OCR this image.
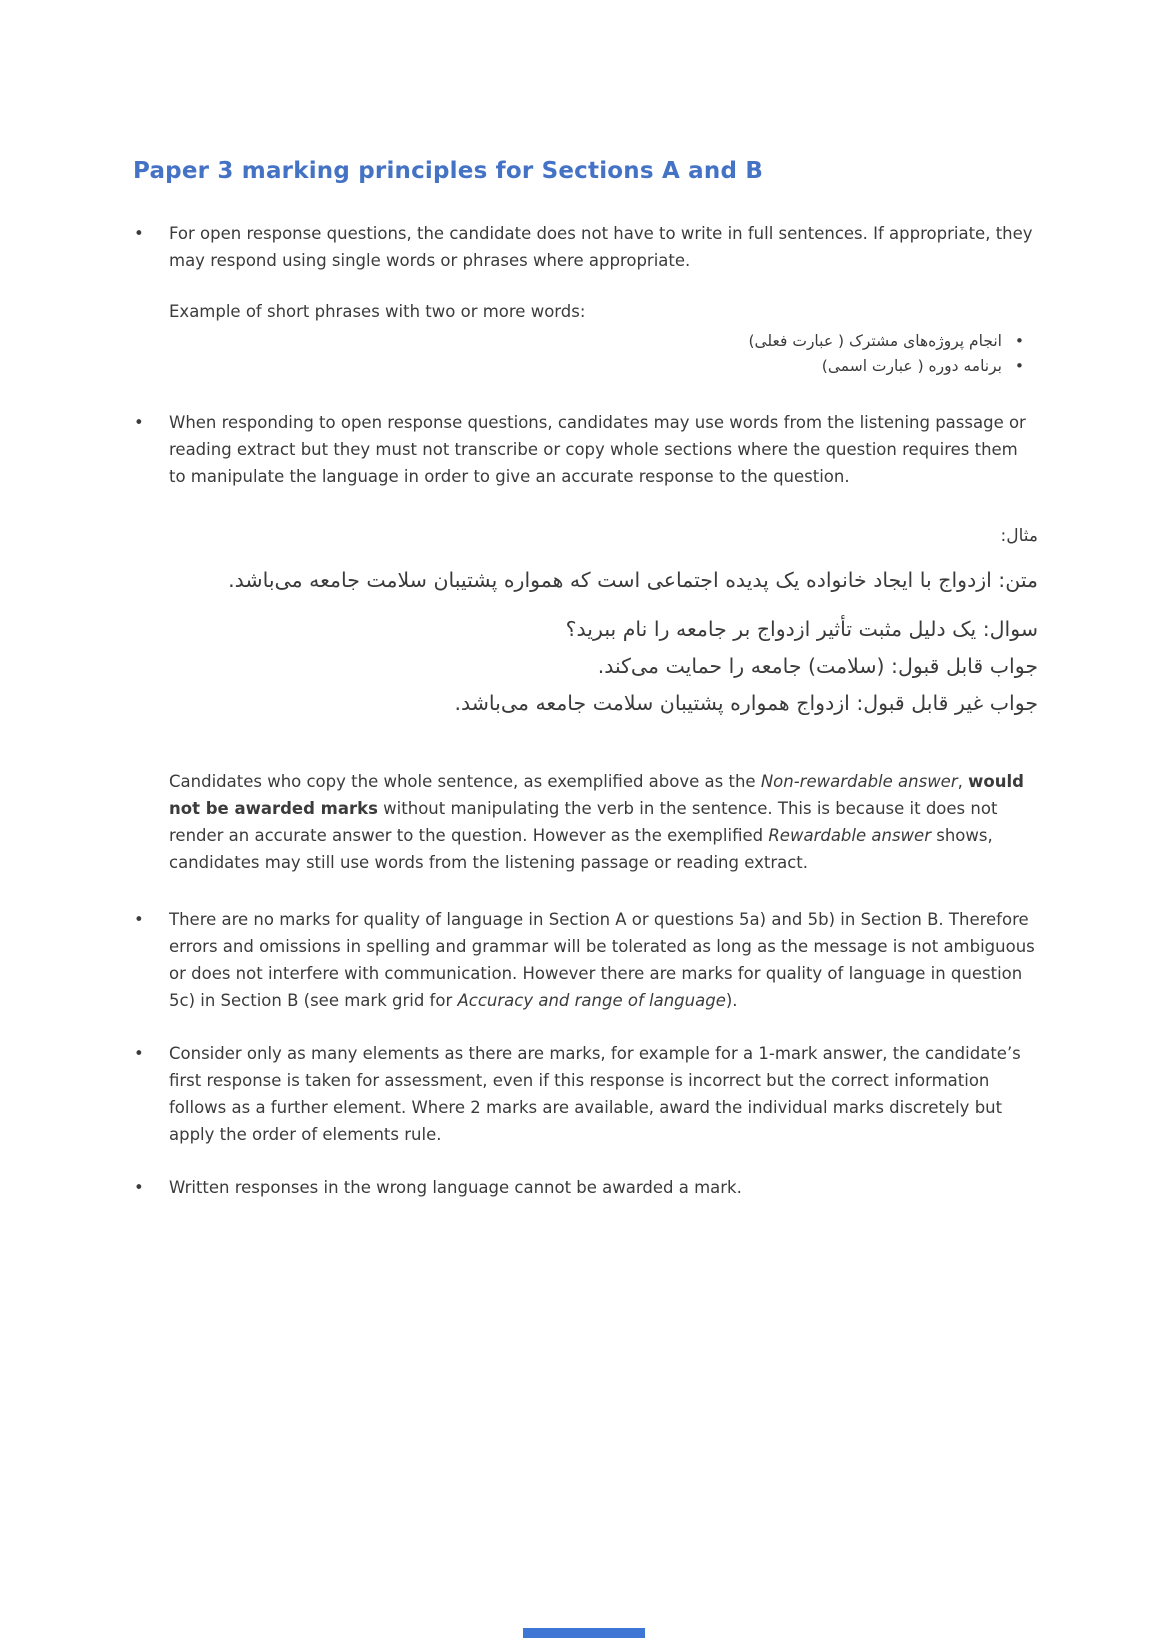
Paper 3 marking principles for Sections A and B
• For open response questions, the candidate does not have to write in full sentences. If appropriate, they may respond using single words or phrases where appropriate.

Example of short phrases with two or more words:

• انجام پروژه‌های مشترک ( عبارت فعلی)
• برنامه دوره ( عبارت اسمی)
• When responding to open response questions, candidates may use words from the listening passage or reading extract but they must not transcribe or copy whole sections where the question requires them to manipulate the language in order to give an accurate response to the question.

مثال:

متن: ازدواج با ایجاد خانواده یک پدیده اجتماعی است که همواره پشتیبان سلامت جامعه می‌باشد.

سوال: یک دلیل مثبت تأثیر ازدواج بر جامعه را نام ببرید؟

جواب قابل قبول: (سلامت) جامعه را حمایت می‌کند.

جواب غیر قابل قبول: ازدواج همواره پشتیبان سلامت جامعه می‌باشد.

Candidates who copy the whole sentence, as exemplified above as the Non-rewardable answer, would not be awarded marks without manipulating the verb in the sentence. This is because it does not render an accurate answer to the question. However as the exemplified Rewardable answer shows, candidates may still use words from the listening passage or reading extract.

• There are no marks for quality of language in Section A or questions 5a) and 5b) in Section B. Therefore errors and omissions in spelling and grammar will be tolerated as long as the message is not ambiguous or does not interfere with communication. However there are marks for quality of language in question 5c) in Section B (see mark grid for Accuracy and range of language).
• Consider only as many elements as there are marks, for example for a 1-mark answer, the candidate’s first response is taken for assessment, even if this response is incorrect but the correct information follows as a further element. Where 2 marks are available, award the individual marks discretely but apply the order of elements rule.
• Written responses in the wrong language cannot be awarded a mark.
